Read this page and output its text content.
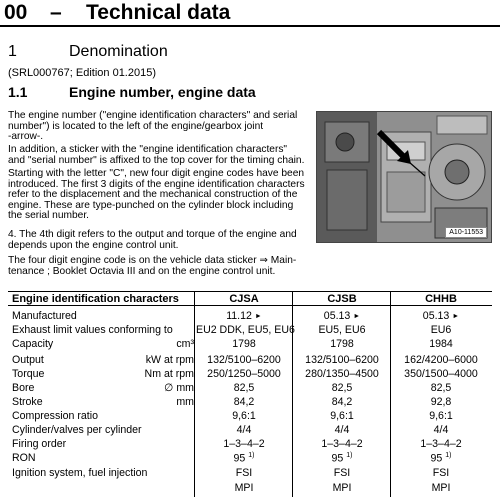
00 – Technical data
1	Denomination
(SRL000767; Edition 01.2015)
1.1	Engine number, engine data
The engine number ("engine identification characters" and serial
number") is located to the left of the engine/gearbox joint
-arrow-.
In addition, a sticker with the "engine identification characters"
and "serial number" is affixed to the top cover for the timing chain.
Starting with the letter "C", new four digit engine codes have been
introduced. The first 3 digits of the engine identification characters
refer to the displacement and the mechanical construction of the
engine. These are type-punched on the cylinder block including
the serial number.
4. The 4th digit refers to the output and torque of the engine and
depends upon the engine control unit.
The four digit engine code is on the vehicle data sticker ⇒ Main-
tenance ; Booklet Octavia III and on the engine control unit.
A10-11553
Engine identification characters	CJSA	CJSB	CHHB
Manufactured	11.12 ►	05.13 ►	05.13 ►
Exhaust limit values conforming to EU2 DDK, EU5, EU6	EU5, EU6	EU6
Capacity	cm³	1798	1798	1984
Output	kW at rpm	132/5100–6200	132/5100–6200	162/4200–6000
Torque	Nm at rpm	250/1250–5000	280/1350–4500	350/1500–4000
Bore	∅ mm	82,5	82,5	82,5
Stroke	mm	84,2	84,2	92,8
Compression ratio	9,6:1	9,6:1	9,6:1
Cylinder/valves per cylinder	4/4	4/4	4/4
Firing order	1–3–4–2	1–3–4–2	1–3–4–2
RON	95 $^{1)}$	95 $^{1)}$	95 $^{1)}$
Ignition system, fuel injection	FSI	FSI	FSI
MPI	MPI	MPI
